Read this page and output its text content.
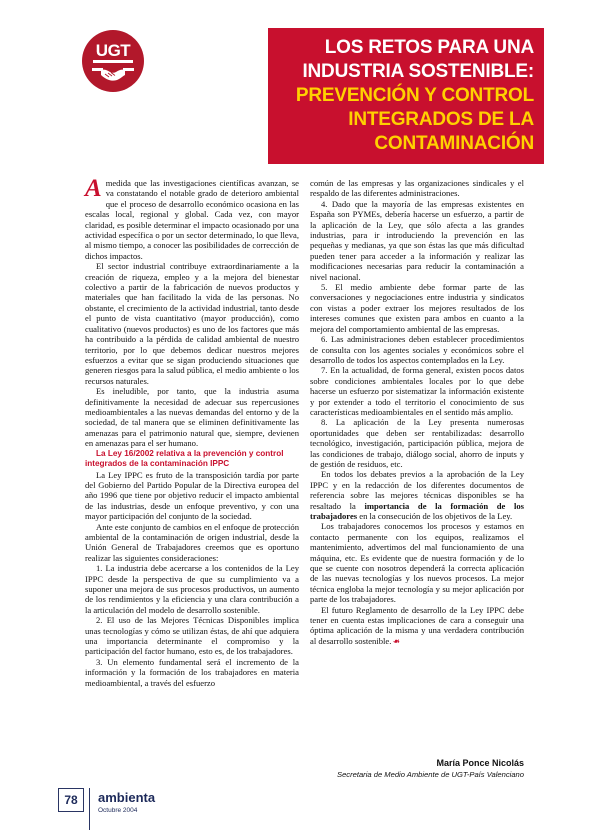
UGT	LOS RETOS PARA UNA
INDUSTRIA SOSTENIBLE:
PREVENCIÓN Y CONTROL
INTEGRADOS DE LA
CONTAMINACIÓN

Amedida que las investigaciones científicas avanzan, se va constatando el notable grado de deterioro ambiental que el proceso de desarrollo económico ocasiona en las escalas local, regional y global. Cada vez, con mayor claridad, es posible determinar el impacto ocasionado por una actividad específica o por un sector determinado, lo que lleva, al mismo tiempo, a conocer las posibilidades de corrección de dichos impactos.

El sector industrial contribuye extraordinariamente a la creación de riqueza, empleo y a la mejora del bienestar colectivo a partir de la fabricación de nuevos productos y materiales que han facilitado la vida de las personas. No obstante, el crecimiento de la actividad industrial, tanto desde el punto de vista cuantitativo (mayor producción), como cualitativo (nuevos productos) es uno de los factores que más ha contribuido a la pérdida de calidad ambiental de nuestro territorio, por lo que debemos dedicar nuestros mejores esfuerzos a evitar que se sigan produciendo situaciones que generen riesgos para la salud pública, el medio ambiente o los recursos naturales.

Es ineludible, por tanto, que la industria asuma definitivamente la necesidad de adecuar sus repercusiones medioambientales a las nuevas demandas del entorno y de la sociedad, de tal manera que se eliminen definitivamente las amenazas para el patrimonio natural que, siempre, devienen en amenazas para el ser humano.

La Ley 16/2002 relativa a la prevención y control integrados de la contaminación IPPC

La Ley IPPC es fruto de la transposición tardía por parte del Gobierno del Partido Popular de la Directiva europea del año 1996 que tiene por objetivo reducir el impacto ambiental de las industrias, desde un enfoque preventivo, y con una mayor participación del conjunto de la sociedad.

Ante este conjunto de cambios en el enfoque de protección ambiental de la contaminación de origen industrial, desde la Unión General de Trabajadores creemos que es oportuno realizar las siguientes consideraciones:

1. La industria debe acercarse a los contenidos de la Ley IPPC desde la perspectiva de que su cumplimiento va a suponer una mejora de sus procesos productivos, un aumento de los rendimientos y la eficiencia y una clara contribución a la articulación del modelo de desarrollo sostenible.

2. El uso de las Mejores Técnicas Disponibles implica unas tecnologías y cómo se utilizan éstas, de ahí que adquiera una importancia determinante el compromiso y la participación del factor humano, esto es, de los trabajadores.

3. Un elemento fundamental será el incremento de la información y la formación de los trabajadores en materia medioambiental, a través del esfuerzo

común de las empresas y las organizaciones sindicales y el respaldo de las diferentes administraciones.

4. Dado que la mayoría de las empresas existentes en España son PYMEs, debería hacerse un esfuerzo, a partir de la aplicación de la Ley, que sólo afecta a las grandes industrias, para ir introduciendo la prevención en las pequeñas y medianas, ya que son éstas las que más dificultad pueden tener para acceder a la información y realizar las modificaciones necesarias para reducir la contaminación a nivel nacional.

5. El medio ambiente debe formar parte de las conversaciones y negociaciones entre industria y sindicatos con vistas a poder extraer los mejores resultados de los intereses comunes que existen para ambos en cuanto a la mejora del comportamiento ambiental de las empresas.

6. Las administraciones deben establecer procedimientos de consulta con los agentes sociales y económicos sobre el desarrollo de todos los aspectos contemplados en la Ley.

7. En la actualidad, de forma general, existen pocos datos sobre condiciones ambientales locales por lo que debe hacerse un esfuerzo por sistematizar la información existente y por extender a todo el territorio el conocimiento de sus características medioambientales en el sentido más amplio.

8. La aplicación de la Ley presenta numerosas oportunidades que deben ser rentabilizadas: desarrollo tecnológico, investigación, participación pública, mejora de las condiciones de trabajo, diálogo social, ahorro de inputs y de gestión de residuos, etc.

En todos los debates previos a la aprobación de la Ley IPPC y en la redacción de los diferentes documentos de referencia sobre las mejores técnicas disponibles se ha resaltado la importancia de la formación de los trabajadores en la consecución de los objetivos de la Ley.

Los trabajadores conocemos los procesos y estamos en contacto permanente con los equipos, realizamos el mantenimiento, advertimos del mal funcionamiento de una máquina, etc. Es evidente que de nuestra formación y de lo que se cuente con nosotros dependerá la correcta aplicación de las nuevas tecnologías y los nuevos procesos. La mejor técnica engloba la mejor tecnología y su mejor aplicación por parte de los trabajadores.

El futuro Reglamento de desarrollo de la Ley IPPC debe tener en cuenta estas implicaciones de cara a conseguir una óptima aplicación de la misma y una verdadera contribución al desarrollo sostenible. ❧

María Ponce Nicolás
Secretaria de Medio Ambiente de UGT-País Valenciano
78	ambienta
Octubre 2004
